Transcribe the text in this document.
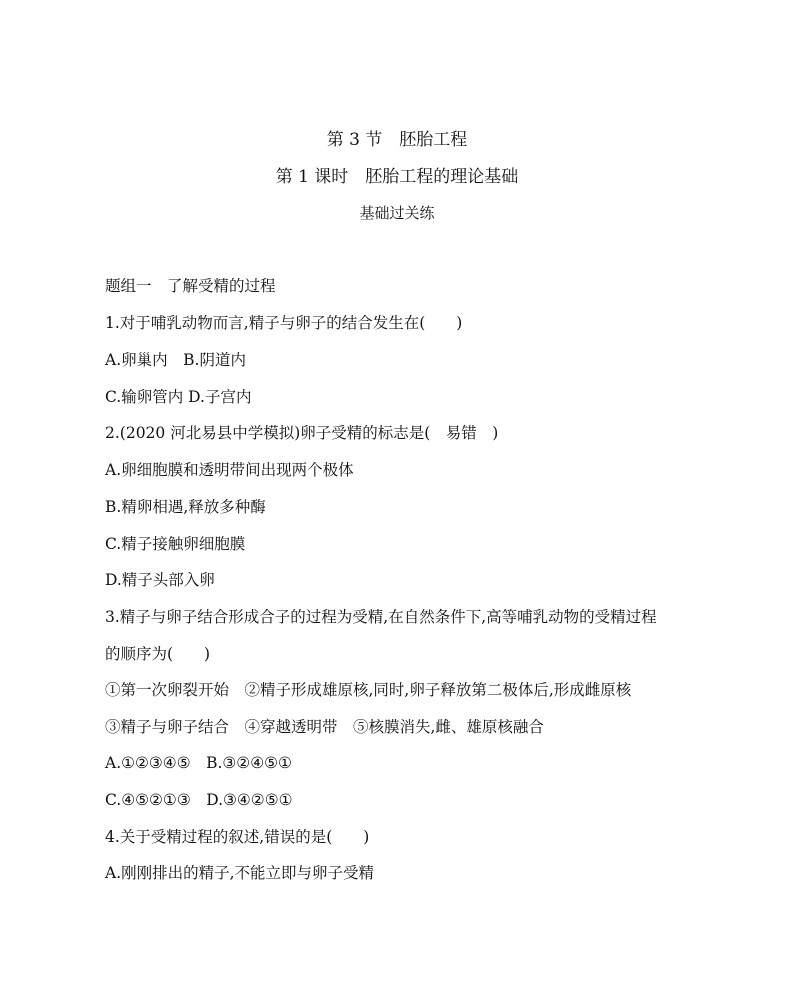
第 3 节　胚胎工程
第 1 课时　胚胎工程的理论基础
基础过关练
题组一　了解受精的过程
1.对于哺乳动物而言,精子与卵子的结合发生在(　　)
A.卵巢内　B.阴道内
C.输卵管内 D.子宫内
2.(2020 河北易县中学模拟)卵子受精的标志是(　易错　)
A.卵细胞膜和透明带间出现两个极体
B.精卵相遇,释放多种酶
C.精子接触卵细胞膜
D.精子头部入卵
3.精子与卵子结合形成合子的过程为受精,在自然条件下,高等哺乳动物的受精过程
的顺序为(　　)
①第一次卵裂开始　②精子形成雄原核,同时,卵子释放第二极体后,形成雌原核
③精子与卵子结合　④穿越透明带　⑤核膜消失,雌、雄原核融合
A.①②③④⑤　B.③②④⑤①
C.④⑤②①③　D.③④②⑤①
4.关于受精过程的叙述,错误的是(　　)
A.刚刚排出的精子,不能立即与卵子受精
